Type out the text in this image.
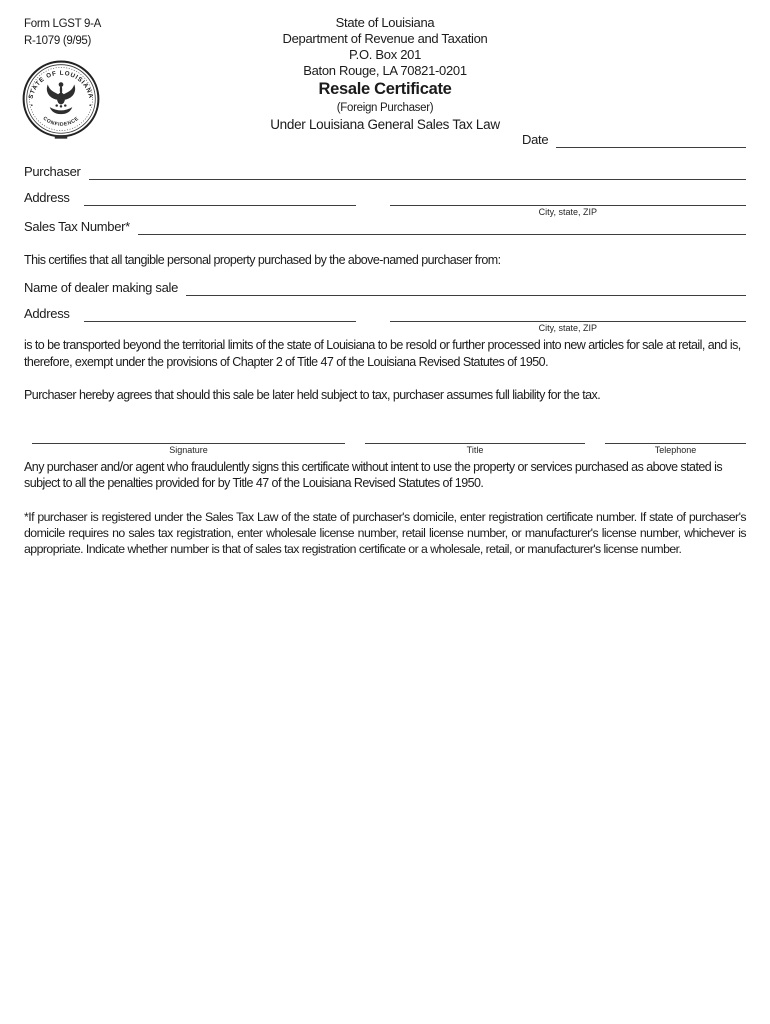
Form LGST 9-A
R-1079 (9/95)
State of Louisiana
Department of Revenue and Taxation
P.O. Box 201
Baton Rouge, LA 70821-0201
Resale Certificate
(Foreign Purchaser)
Under Louisiana General Sales Tax Law
STATE OF LOUISIANA
CONFIDENCE
Date
Purchaser
Address
City, state, ZIP
Sales Tax Number*

This certifies that all tangible personal property purchased by the above-named purchaser from:

Name of dealer making sale
Address
City, state, ZIP

is to be transported beyond the territorial limits of the state of Louisiana to be resold or further processed into new articles for sale at retail, and is, therefore, exempt under the provisions of Chapter 2 of Title 47 of the Louisiana Revised Statutes of 1950.

Purchaser hereby agrees that should this sale be later held subject to tax, purchaser assumes full liability for the tax.

Signature	Title	Telephone

Any purchaser and/or agent who fraudulently signs this certificate without intent to use the property or services purchased as above stated is subject to all the penalties provided for by Title 47 of the Louisiana Revised Statutes of 1950.

*If purchaser is registered under the Sales Tax Law of the state of purchaser's domicile, enter registration certificate number. If state of purchaser's domicile requires no sales tax registration, enter wholesale license number, retail license number, or manufacturer's license number, whichever is appropriate. Indicate whether number is that of sales tax registration certificate or a wholesale, retail, or manufacturer's license number.
